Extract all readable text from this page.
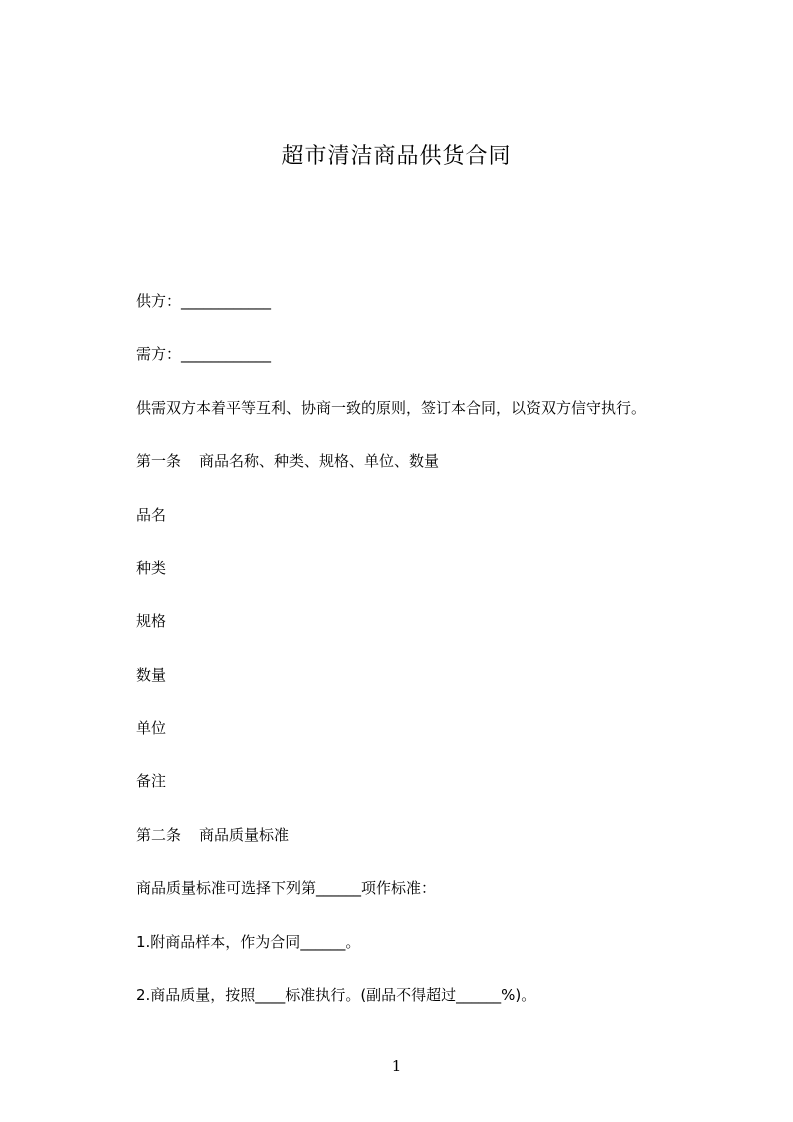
超市清洁商品供货合同
供方：____________
需方：____________
供需双方本着平等互利、协商一致的原则，签订本合同，以资双方信守执行。
第一条 商品名称、种类、规格、单位、数量
品名
种类
规格
数量
单位
备注
第二条 商品质量标准
商品质量标准可选择下列第______项作标准：
1.附商品样本，作为合同______。
2.商品质量，按照____标准执行。(副品不得超过______%)。
1
